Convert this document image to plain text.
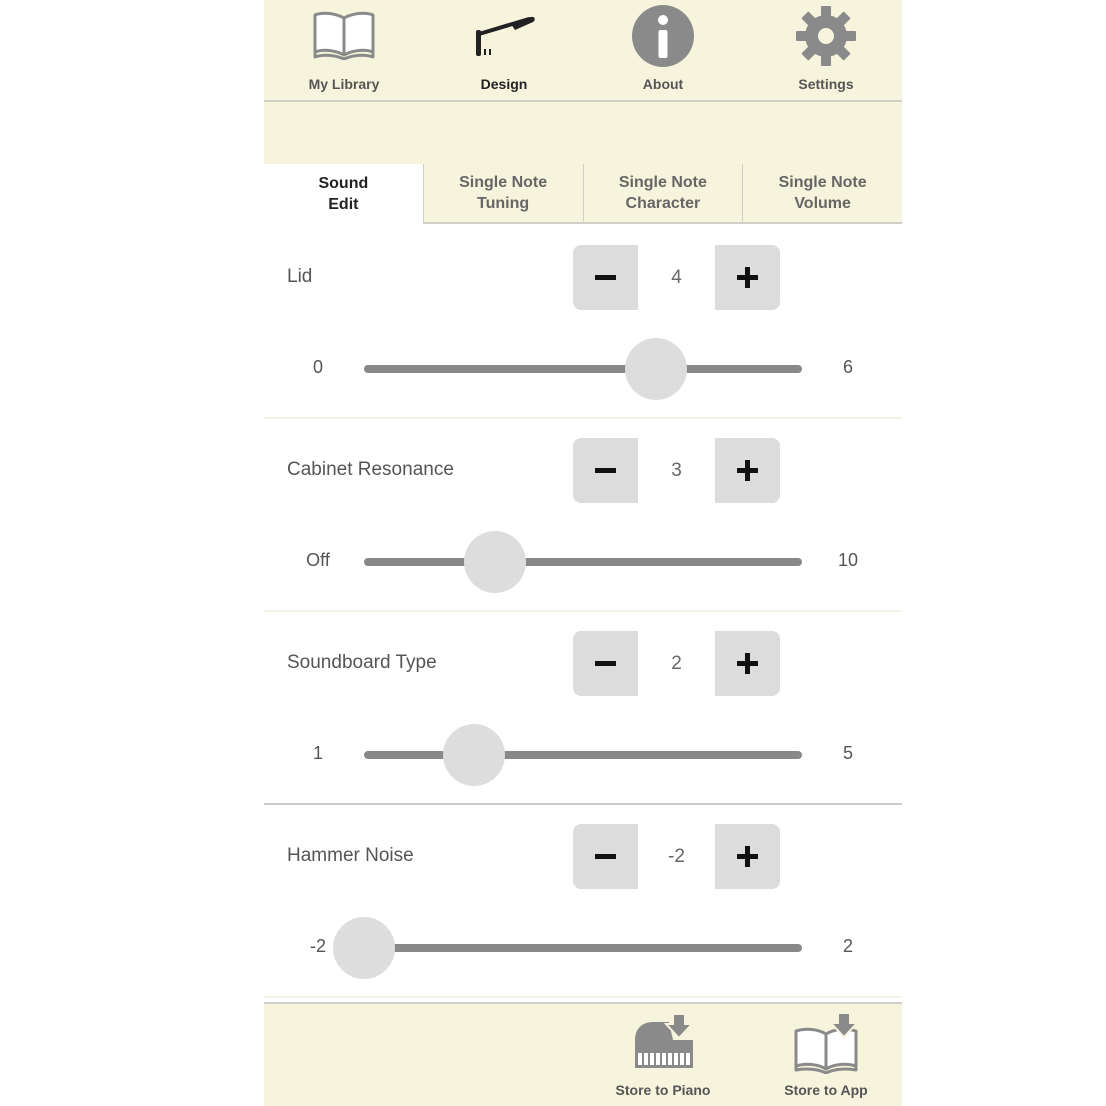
My Library	Design	About	Settings
Sound
Edit
Single Note
Tuning
Single Note
Character
Single Note
Volume
Lid	4
0	6
Cabinet Resonance	3
Off	10
Soundboard Type	2
1	5
Hammer Noise	-2
-2	2
Store to Piano	Store to App
